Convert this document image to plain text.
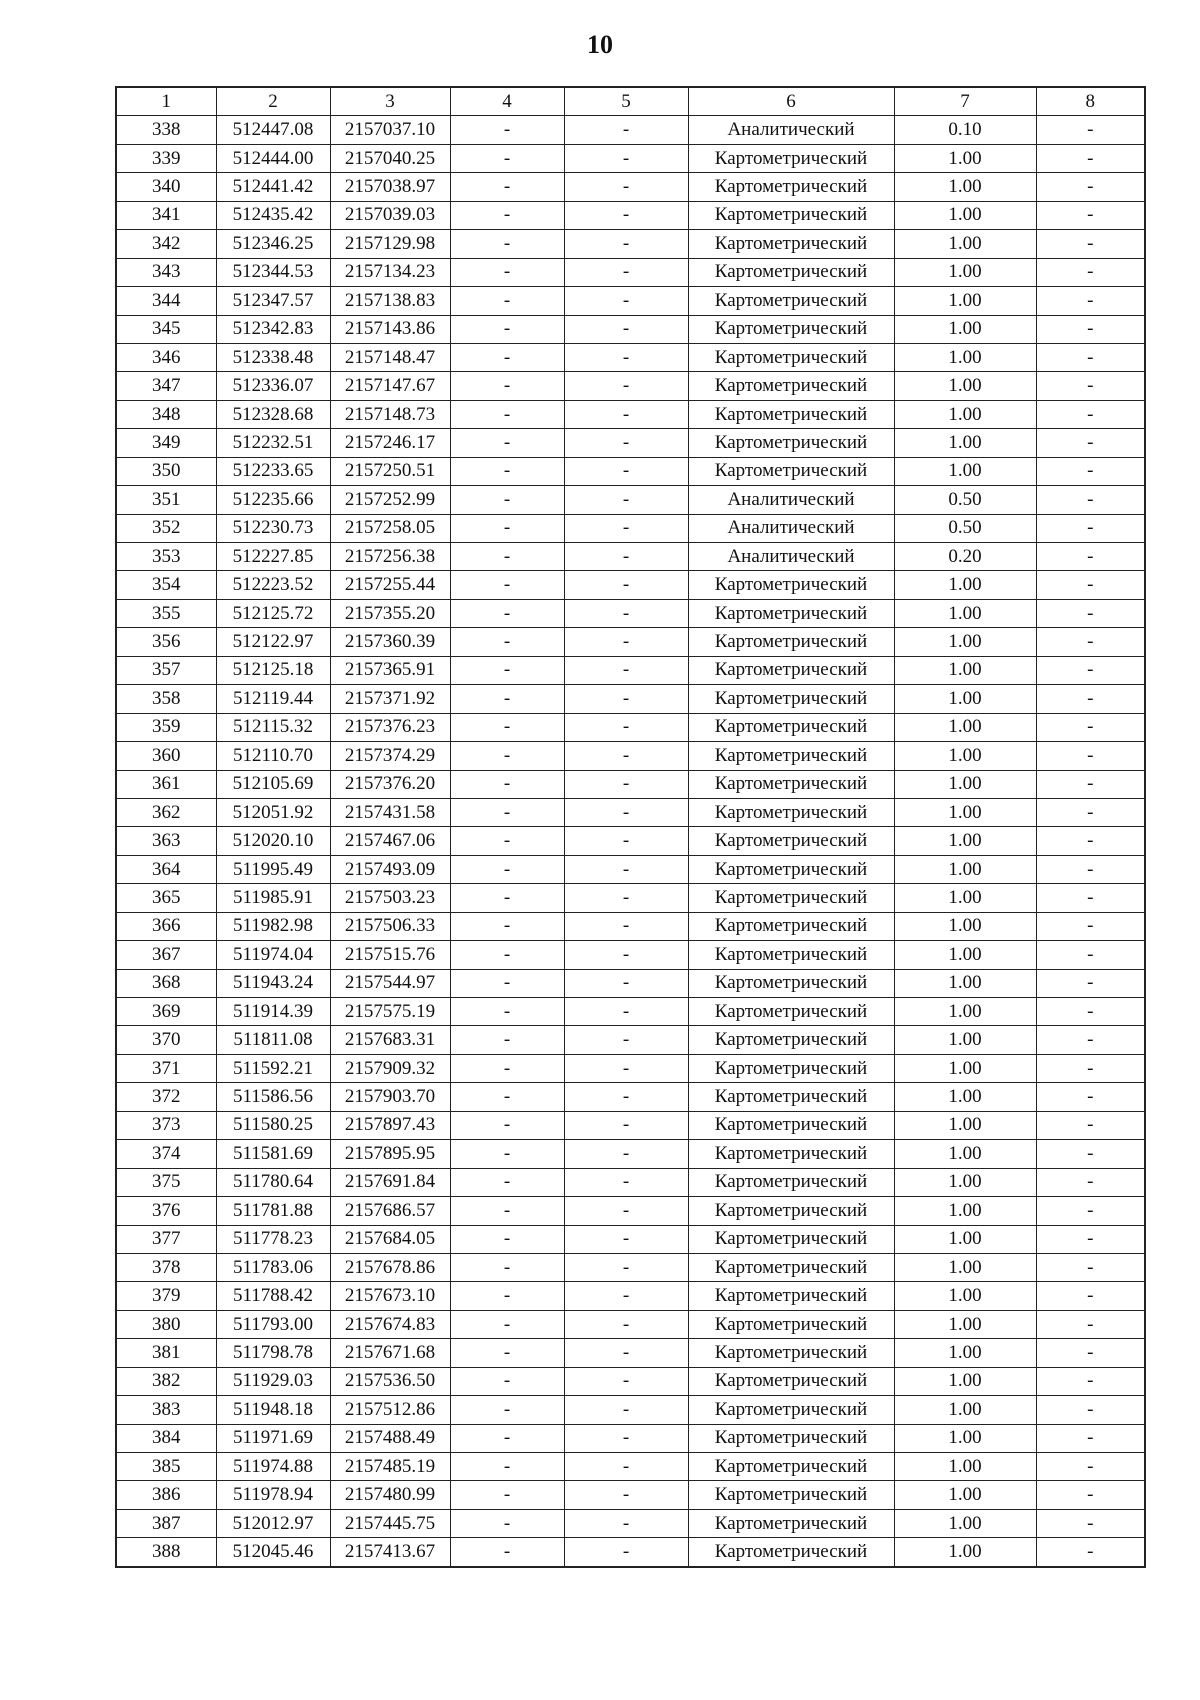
10
1	2	3	4	5	6	7	8
338	512447.08	2157037.10	-	-	Аналитический	0.10	-
339	512444.00	2157040.25	-	-	Картометрический	1.00	-
340	512441.42	2157038.97	-	-	Картометрический	1.00	-
341	512435.42	2157039.03	-	-	Картометрический	1.00	-
342	512346.25	2157129.98	-	-	Картометрический	1.00	-
343	512344.53	2157134.23	-	-	Картометрический	1.00	-
344	512347.57	2157138.83	-	-	Картометрический	1.00	-
345	512342.83	2157143.86	-	-	Картометрический	1.00	-
346	512338.48	2157148.47	-	-	Картометрический	1.00	-
347	512336.07	2157147.67	-	-	Картометрический	1.00	-
348	512328.68	2157148.73	-	-	Картометрический	1.00	-
349	512232.51	2157246.17	-	-	Картометрический	1.00	-
350	512233.65	2157250.51	-	-	Картометрический	1.00	-
351	512235.66	2157252.99	-	-	Аналитический	0.50	-
352	512230.73	2157258.05	-	-	Аналитический	0.50	-
353	512227.85	2157256.38	-	-	Аналитический	0.20	-
354	512223.52	2157255.44	-	-	Картометрический	1.00	-
355	512125.72	2157355.20	-	-	Картометрический	1.00	-
356	512122.97	2157360.39	-	-	Картометрический	1.00	-
357	512125.18	2157365.91	-	-	Картометрический	1.00	-
358	512119.44	2157371.92	-	-	Картометрический	1.00	-
359	512115.32	2157376.23	-	-	Картометрический	1.00	-
360	512110.70	2157374.29	-	-	Картометрический	1.00	-
361	512105.69	2157376.20	-	-	Картометрический	1.00	-
362	512051.92	2157431.58	-	-	Картометрический	1.00	-
363	512020.10	2157467.06	-	-	Картометрический	1.00	-
364	511995.49	2157493.09	-	-	Картометрический	1.00	-
365	511985.91	2157503.23	-	-	Картометрический	1.00	-
366	511982.98	2157506.33	-	-	Картометрический	1.00	-
367	511974.04	2157515.76	-	-	Картометрический	1.00	-
368	511943.24	2157544.97	-	-	Картометрический	1.00	-
369	511914.39	2157575.19	-	-	Картометрический	1.00	-
370	511811.08	2157683.31	-	-	Картометрический	1.00	-
371	511592.21	2157909.32	-	-	Картометрический	1.00	-
372	511586.56	2157903.70	-	-	Картометрический	1.00	-
373	511580.25	2157897.43	-	-	Картометрический	1.00	-
374	511581.69	2157895.95	-	-	Картометрический	1.00	-
375	511780.64	2157691.84	-	-	Картометрический	1.00	-
376	511781.88	2157686.57	-	-	Картометрический	1.00	-
377	511778.23	2157684.05	-	-	Картометрический	1.00	-
378	511783.06	2157678.86	-	-	Картометрический	1.00	-
379	511788.42	2157673.10	-	-	Картометрический	1.00	-
380	511793.00	2157674.83	-	-	Картометрический	1.00	-
381	511798.78	2157671.68	-	-	Картометрический	1.00	-
382	511929.03	2157536.50	-	-	Картометрический	1.00	-
383	511948.18	2157512.86	-	-	Картометрический	1.00	-
384	511971.69	2157488.49	-	-	Картометрический	1.00	-
385	511974.88	2157485.19	-	-	Картометрический	1.00	-
386	511978.94	2157480.99	-	-	Картометрический	1.00	-
387	512012.97	2157445.75	-	-	Картометрический	1.00	-
388	512045.46	2157413.67	-	-	Картометрический	1.00	-
